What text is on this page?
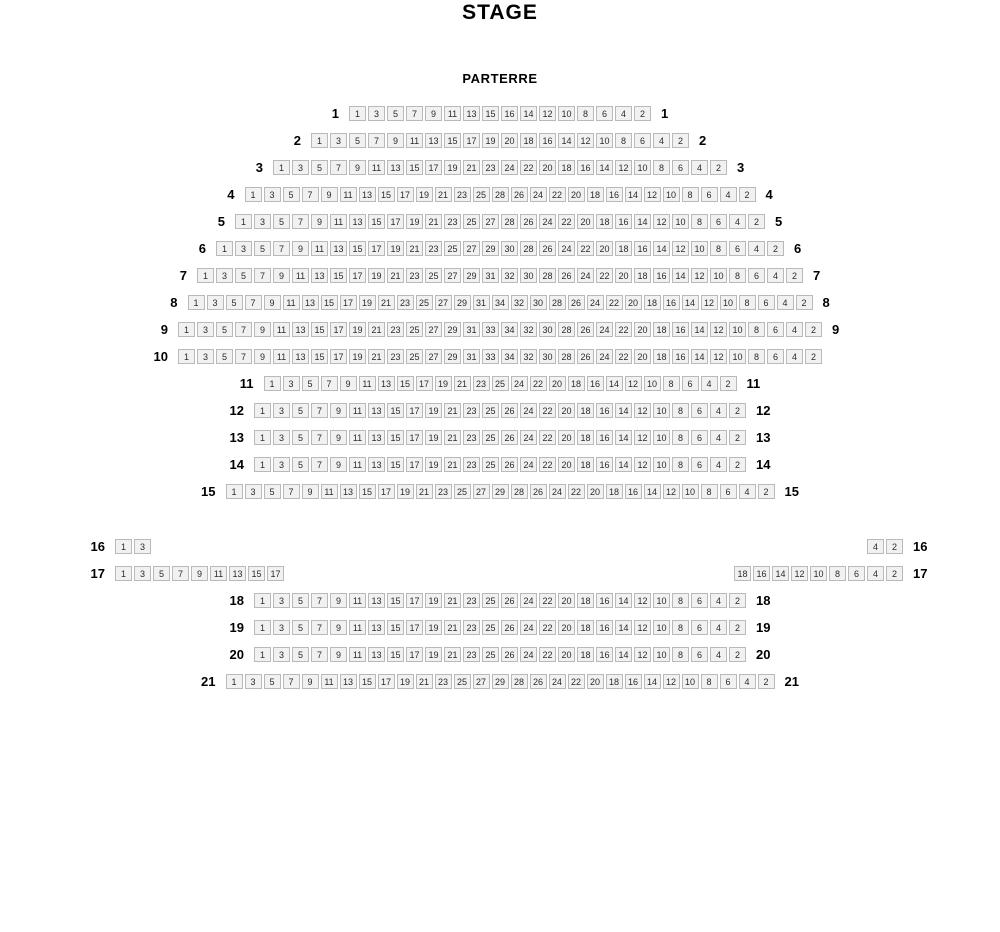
STAGE
PARTERRE
1	1	3	5	7	9	11	13 15 16 14 12 10	8	6	4	2	1
2	1	3	5	7	9	11	13 15 17 19 20 18 16 14 12 10	8	6	4	2	2
3	1	3	5	7	9	11	13 15 17 19 21 23 24 22 20 18 16 14 12 10	8	6	4	2	3
4	1	3	5	7	9	11	13 15 17 19 21 23 25 28 26 24 22 20 18 16 14 12 10	8	6	4	2	4
5	1	3	5	7	9	11	13 15 17 19 21 23 25 27 28 26 24 22 20 18 16 14 12 10	8	6	4	2	5
6	1	3	5	7	9	11	13 15 17 19 21 23 25 27 29 30 28 26 24 22 20 18 16 14 12 10	8	6	4	2	6
7	1	3	5	7	9	11	13 15 17 19 21 23 25 27 29 31 32 30 28 26 24 22 20 18 16 14 12 10	8	6	4	2	7
8	1	3	5	7	9	11	13 15 17 19 21 23 25 27 29 31 34 32 30 28 26 24 22 20 18 16 14 12 10	8	6	4	2	8
9	1	3	5	7	9	11	13 15 17 19 21 23 25 27 29 31 33 34 32 30 28 26 24 22 20 18 16 14 12 10	8	6	4	2	9
10	1	3	5	7	9	11	13 15 17 19 21 23 25 27 29 31 33 34 32 30 28 26 24 22 20 18 16 14 12 10	8	6	4	2
11	1	3	5	7	9	11	13 15 17 19 21 23 25 24 22 20 18 16 14 12 10	8	6	4	2	11
12	1	3	5	7	9	11	13 15 17 19 21 23 25 26 24 22 20 18 16 14 12 10	8	6	4	2	12
13	1	3	5	7	9	11	13 15 17 19 21 23 25 26 24 22 20 18 16 14 12 10	8	6	4	2	13
14	1	3	5	7	9	11	13 15 17 19 21 23 25 26 24 22 20 18 16 14 12 10	8	6	4	2	14
15	1	3	5	7	9	11	13 15 17 19 21 23 25 27 29 28 26 24 22 20 18 16 14 12 10	8	6	4	2	15
16	1	3	4	2	16
17	1	3	5	7	9	11	13 15 17	18 16 14 12 10	8	6	4	2	17
18	1	3	5	7	9	11	13 15 17 19 21 23 25 26 24 22 20 18 16 14 12 10	8	6	4	2	18
19	1	3	5	7	9	11	13 15 17 19 21 23 25 26 24 22 20 18 16 14 12 10	8	6	4	2	19
20	1	3	5	7	9	11	13 15 17 19 21 23 25 26 24 22 20 18 16 14 12 10	8	6	4	2	20
21	1	3	5	7	9	11	13 15 17 19 21 23 25 27 29 28 26 24 22 20 18 16 14 12 10	8	6	4	2	21
